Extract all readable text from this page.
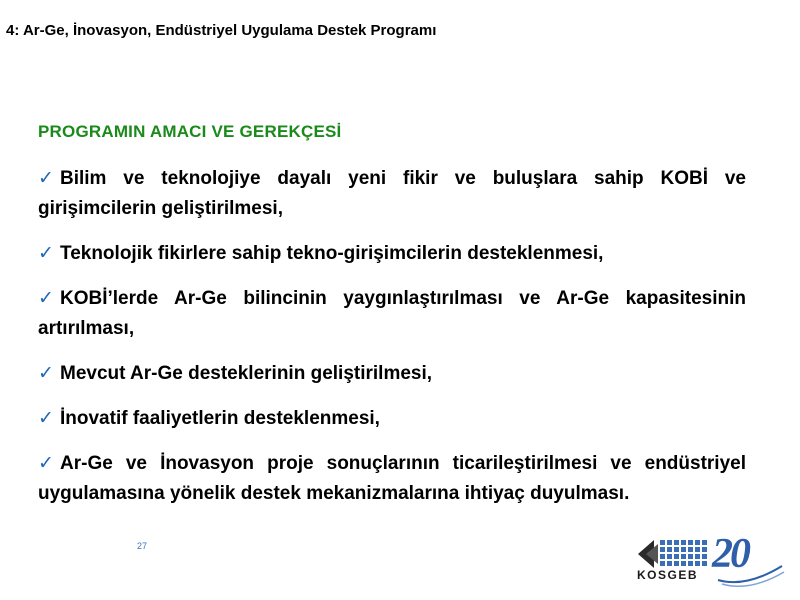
4: Ar-Ge, İnovasyon, Endüstriyel Uygulama Destek Programı
PROGRAMIN AMACI VE GEREKÇESİ
✓ Bilim ve teknolojiye dayalı yeni fikir ve buluşlara sahip KOBİ ve girişimcilerin geliştirilmesi,
✓ Teknolojik fikirlere sahip tekno-girişimcilerin desteklenmesi,
✓ KOBİ’lerde Ar-Ge bilincinin yaygınlaştırılması ve Ar-Ge kapasitesinin artırılması,
✓ Mevcut Ar-Ge desteklerinin geliştirilmesi,
✓ İnovatif faaliyetlerin desteklenmesi,
✓ Ar-Ge ve İnovasyon proje sonuçlarının ticarileştirilmesi ve endüstriyel uygulamasına yönelik destek mekanizmalarına ihtiyaç duyulması.
27
KOSGEB 20
